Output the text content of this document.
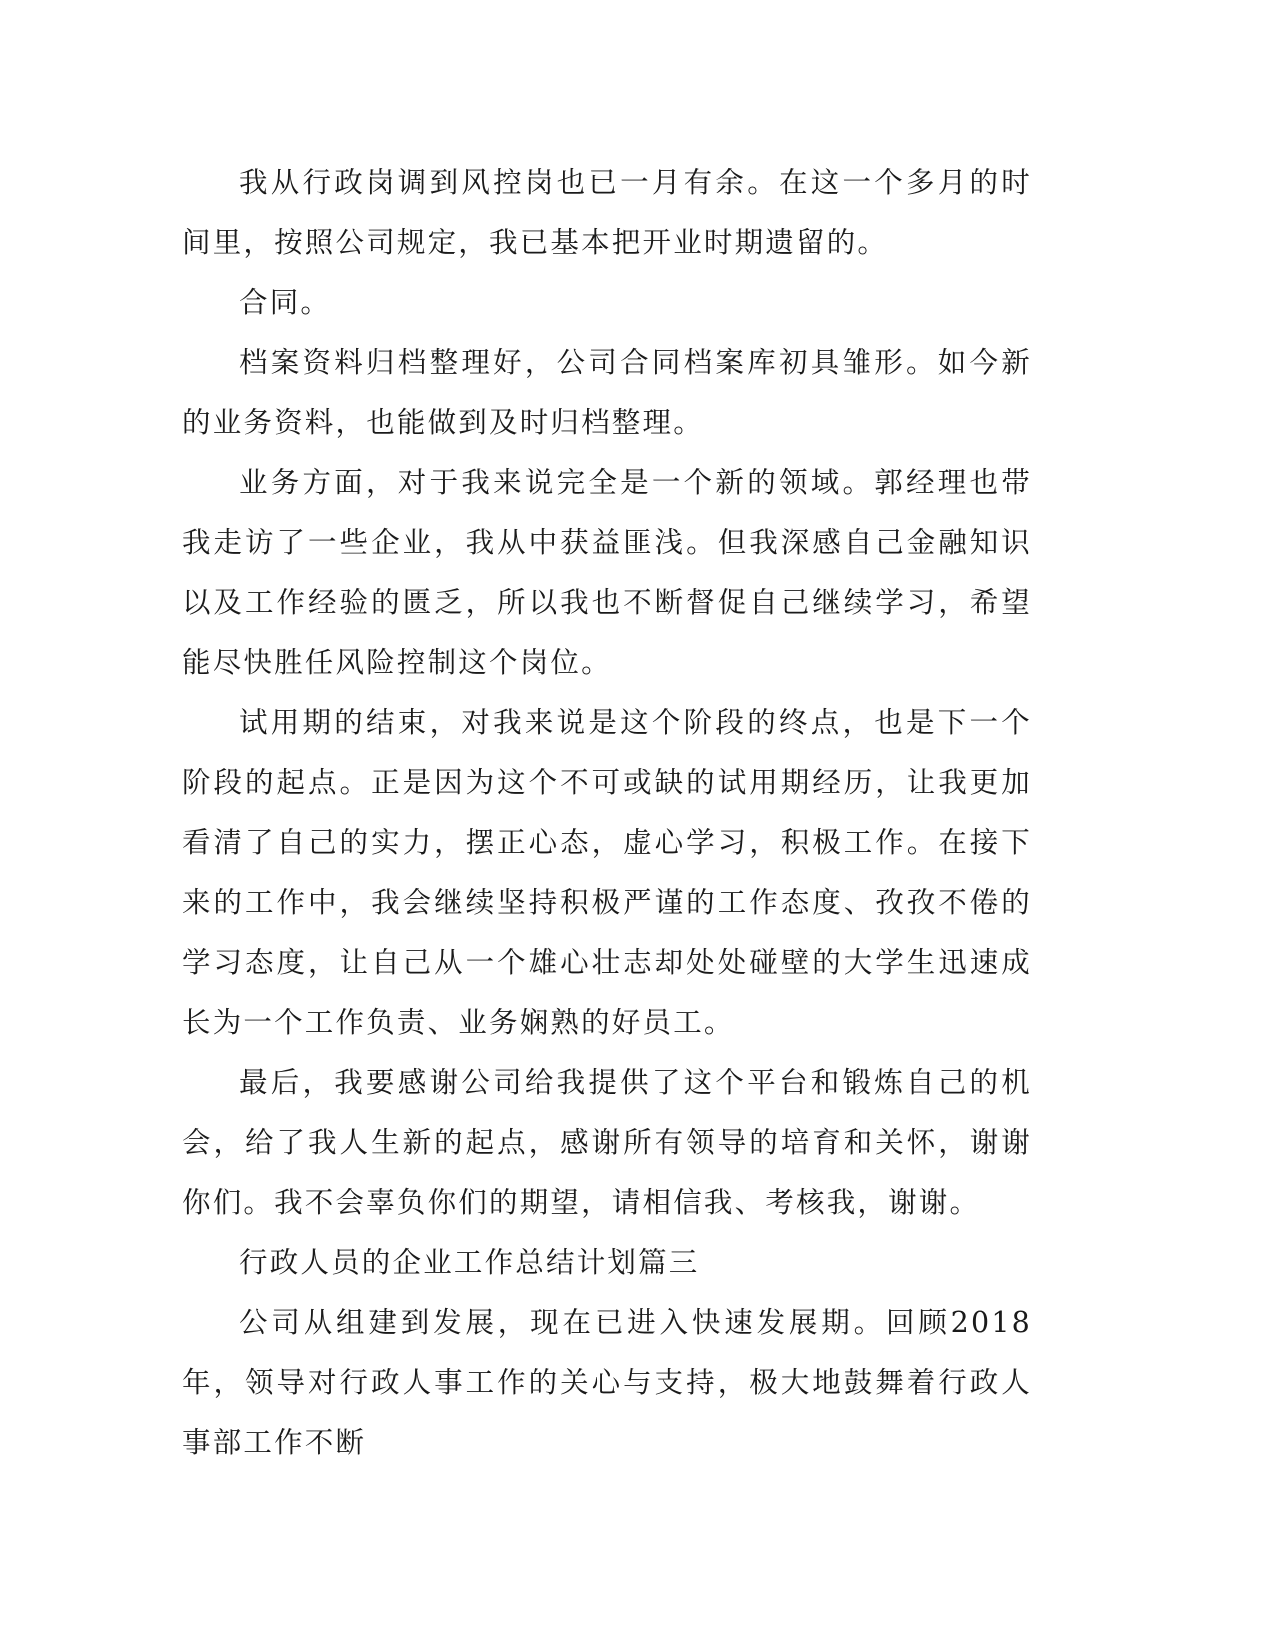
我从行政岗调到风控岗也已一月有余。在这一个多月的时间里，按照公司规定，我已基本把开业时期遗留的。

合同。

档案资料归档整理好，公司合同档案库初具雏形。如今新的业务资料，也能做到及时归档整理。

业务方面，对于我来说完全是一个新的领域。郭经理也带我走访了一些企业，我从中获益匪浅。但我深感自己金融知识以及工作经验的匮乏，所以我也不断督促自己继续学习，希望能尽快胜任风险控制这个岗位。

试用期的结束，对我来说是这个阶段的终点，也是下一个阶段的起点。正是因为这个不可或缺的试用期经历，让我更加看清了自己的实力，摆正心态，虚心学习，积极工作。在接下来的工作中，我会继续坚持积极严谨的工作态度、孜孜不倦的学习态度，让自己从一个雄心壮志却处处碰壁的大学生迅速成长为一个工作负责、业务娴熟的好员工。

最后，我要感谢公司给我提供了这个平台和锻炼自己的机会，给了我人生新的起点，感谢所有领导的培育和关怀，谢谢你们。我不会辜负你们的期望，请相信我、考核我，谢谢。

行政人员的企业工作总结计划篇三

公司从组建到发展，现在已进入快速发展期。回顾2018年，领导对行政人事工作的关心与支持，极大地鼓舞着行政人事部工作不断
